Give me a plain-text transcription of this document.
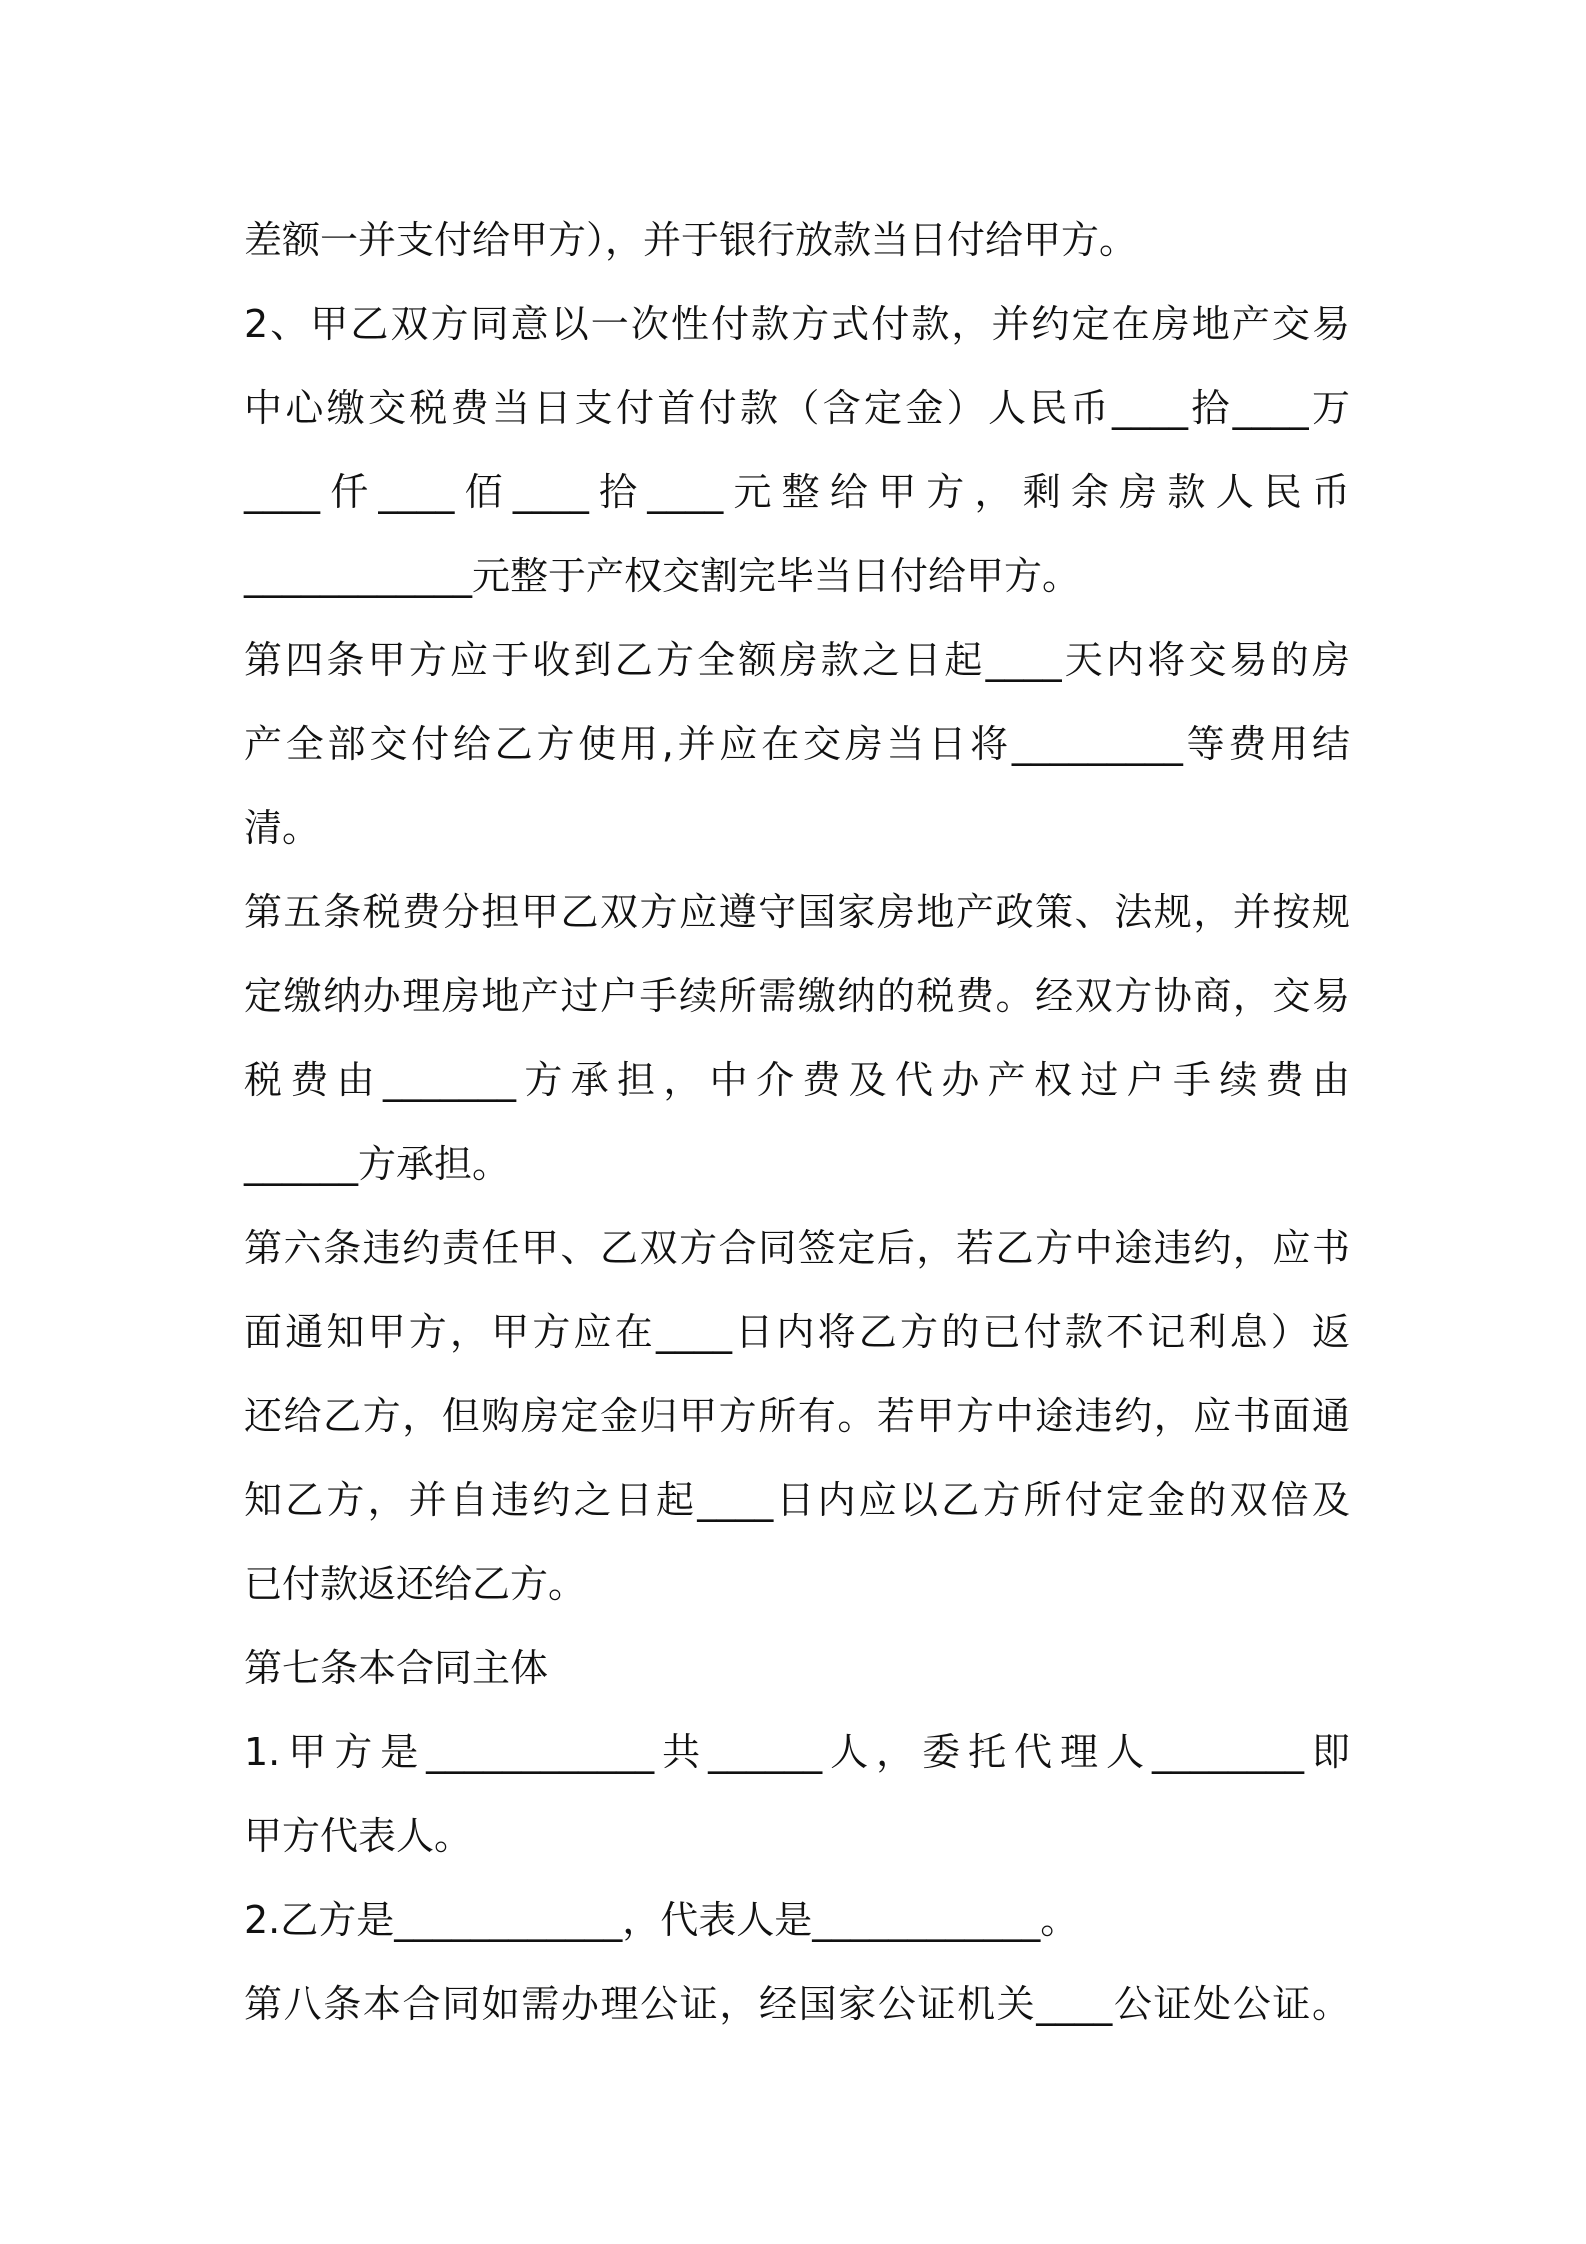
差额一并支付给甲方），并于银行放款当日付给甲方。
2、甲乙双方同意以一次性付款方式付款，并约定在房地产交易
中心缴交税费当日支付首付款（含定金）人民币____拾____万
____仟____佰____拾____元整给甲方，剩余房款人民币
____________元整于产权交割完毕当日付给甲方。
第四条甲方应于收到乙方全额房款之日起____天内将交易的房
产全部交付给乙方使用,并应在交房当日将_________等费用结
清。
第五条税费分担甲乙双方应遵守国家房地产政策、法规，并按规
定缴纳办理房地产过户手续所需缴纳的税费。经双方协商，交易
税费由_______方承担，中介费及代办产权过户手续费由
______方承担。
第六条违约责任甲、乙双方合同签定后，若乙方中途违约，应书
面通知甲方，甲方应在____日内将乙方的已付款不记利息）返
还给乙方，但购房定金归甲方所有。若甲方中途违约，应书面通
知乙方，并自违约之日起____日内应以乙方所付定金的双倍及
已付款返还给乙方。
第七条本合同主体
1.甲方是____________共______人，委托代理人________即
甲方代表人。
2.乙方是____________，代表人是____________。
第八条本合同如需办理公证，经国家公证机关____公证处公证。
